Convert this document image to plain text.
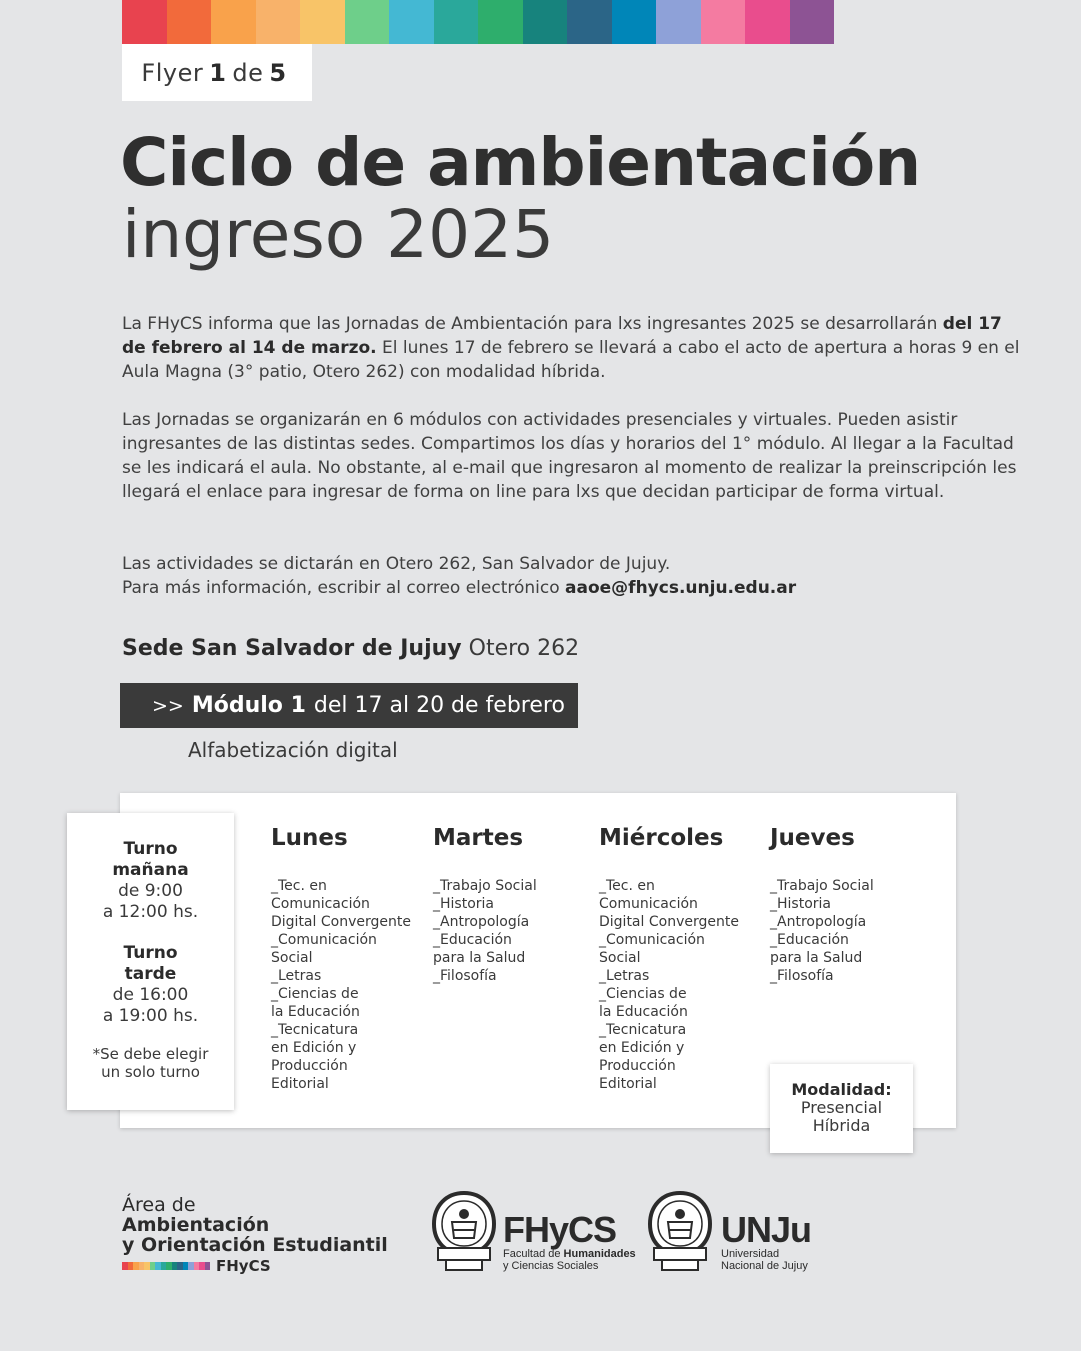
Flyer 1 de 5
Ciclo de ambientación
ingreso 2025

La FHyCS informa que las Jornadas de Ambientación para lxs ingresantes 2025 se desarrollarán del 17 de febrero al 14 de marzo. El lunes 17 de febrero se llevará a cabo el acto de apertura a horas 9 en el Aula Magna (3° patio, Otero 262) con modalidad híbrida.

Las Jornadas se organizarán en 6 módulos con actividades presenciales y virtuales. Pueden asistir ingresantes de las distintas sedes. Compartimos los días y horarios del 1° módulo. Al llegar a la Facultad se les indicará el aula. No obstante, al e-mail que ingresaron al momento de realizar la preinscripción les llegará el enlace para ingresar de forma on line para lxs que decidan participar de forma virtual.

Las actividades se dictarán en Otero 262, San Salvador de Jujuy.
Para más información, escribir al correo electrónico aaoe@fhycs.unju.edu.ar

Sede San Salvador de Jujuy Otero 262
>> Módulo 1 del 17 al 20 de febrero
Alfabetización digital
Turno
mañana
de 9:00
a 12:00 hs.
Turno
tarde
de 16:00
a 19:00 hs.
*Se debe elegir
un solo turno
Lunes
_Tec. en
Comunicación
Digital Convergente
_Comunicación
Social
_Letras
_Ciencias de
la Educación
_Tecnicatura
en Edición y
Producción
Editorial
Martes
_Trabajo Social
_Historia
_Antropología
_Educación
para la Salud
_Filosofía
Miércoles
_Tec. en
Comunicación
Digital Convergente
_Comunicación
Social
_Letras
_Ciencias de
la Educación
_Tecnicatura
en Edición y
Producción
Editorial
Jueves
_Trabajo Social
_Historia
_Antropología
_Educación
para la Salud
_Filosofía
Modalidad:
Presencial
Híbrida
Área de
Ambientación
y Orientación Estudiantil
FHyCS
FHyCS
Facultad de Humanidades
y Ciencias Sociales
UNJu
Universidad
Nacional de Jujuy
